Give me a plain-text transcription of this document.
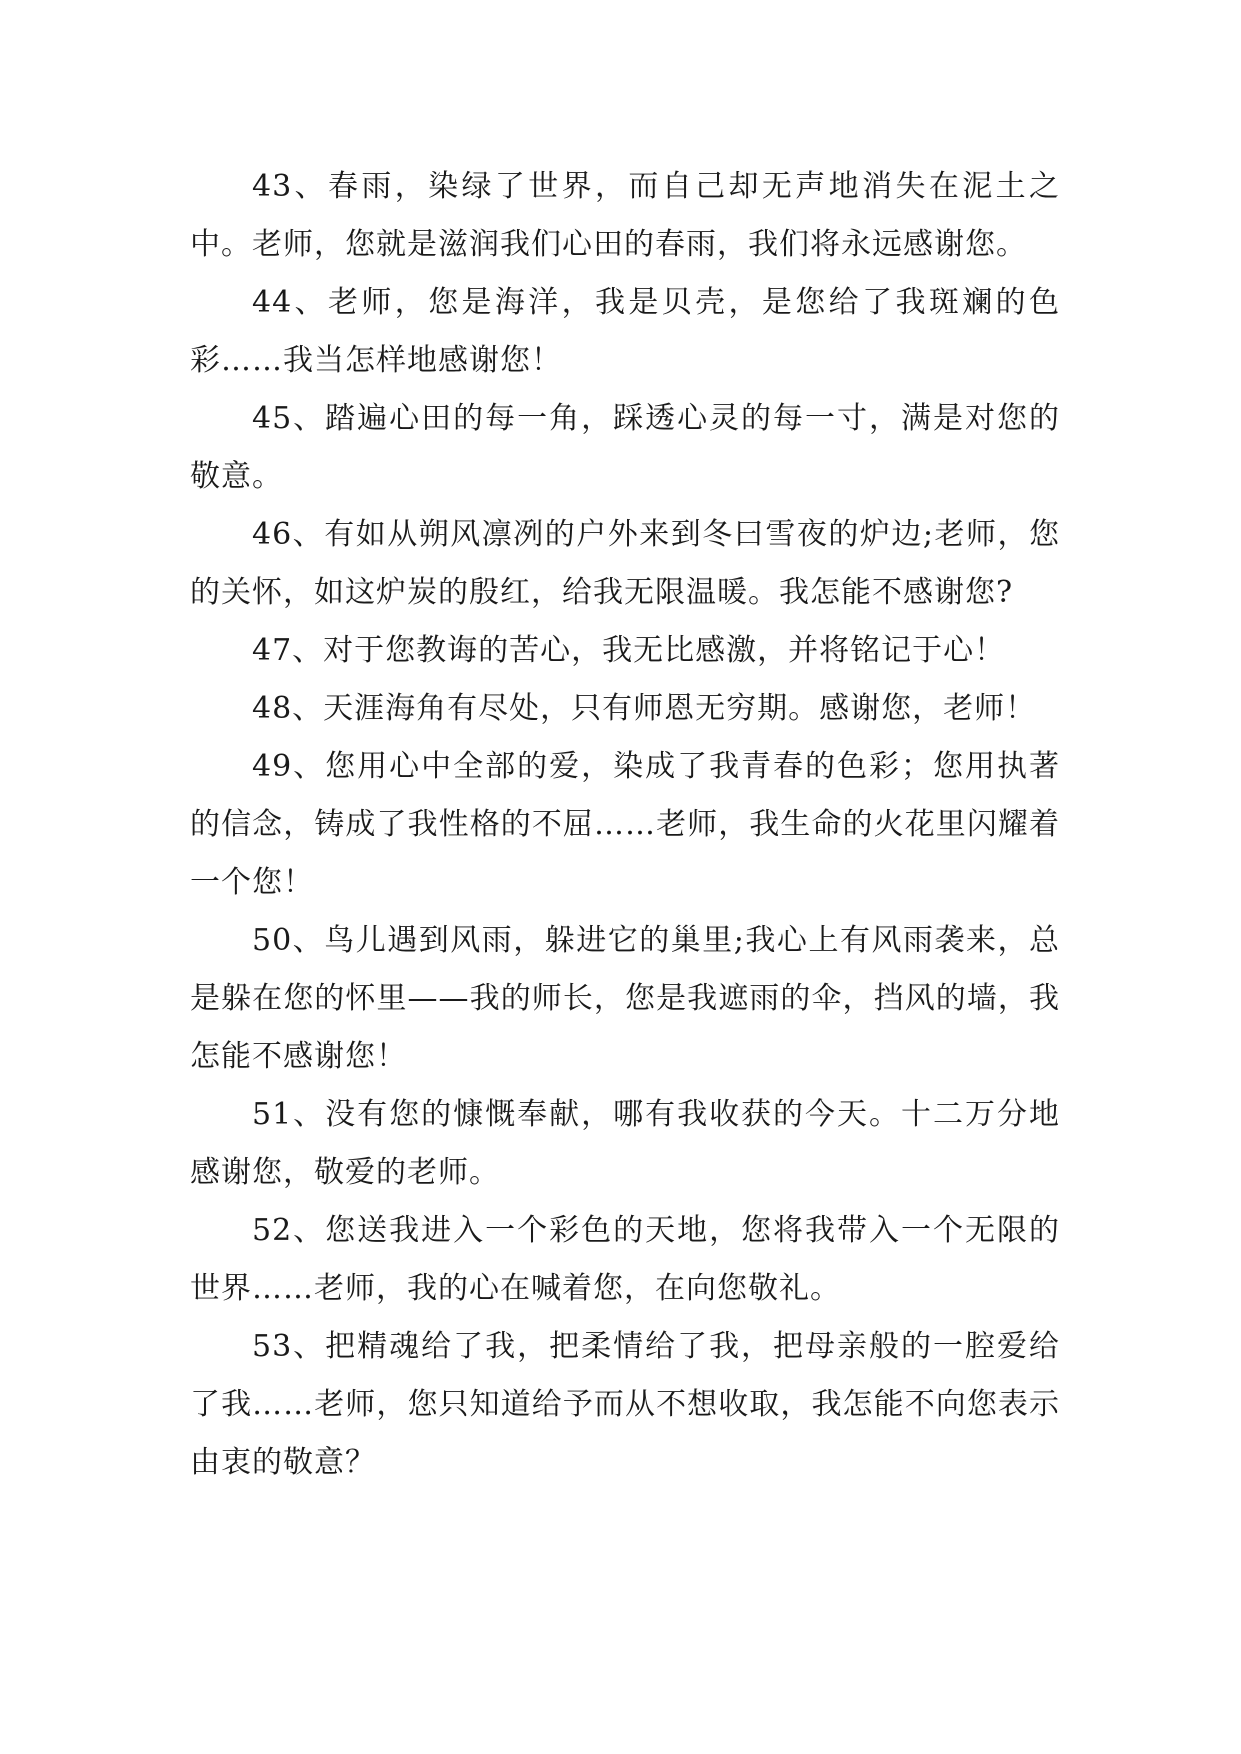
43、春雨，染绿了世界，而自己却无声地消失在泥土之中。老师，您就是滋润我们心田的春雨，我们将永远感谢您。

44、老师，您是海洋，我是贝壳，是您给了我斑斓的色彩……我当怎样地感谢您！

45、踏遍心田的每一角，踩透心灵的每一寸，满是对您的敬意。

46、有如从朔风凛冽的户外来到冬曰雪夜的炉边;老师，您的关怀，如这炉炭的殷红，给我无限温暖。我怎能不感谢您?

47、对于您教诲的苦心，我无比感激，并将铭记于心！

48、天涯海角有尽处，只有师恩无穷期。感谢您，老师！

49、您用心中全部的爱，染成了我青春的色彩；您用执著的信念，铸成了我性格的不屈……老师，我生命的火花里闪耀着一个您！

50、鸟儿遇到风雨，躲进它的巢里;我心上有风雨袭来，总是躲在您的怀里——我的师长，您是我遮雨的伞，挡风的墙，我怎能不感谢您！

51、没有您的慷慨奉献，哪有我收获的今天。十二万分地感谢您，敬爱的老师。

52、您送我进入一个彩色的天地，您将我带入一个无限的世界……老师，我的心在喊着您，在向您敬礼。

53、把精魂给了我，把柔情给了我，把母亲般的一腔爱给了我……老师，您只知道给予而从不想收取，我怎能不向您表示由衷的敬意？
